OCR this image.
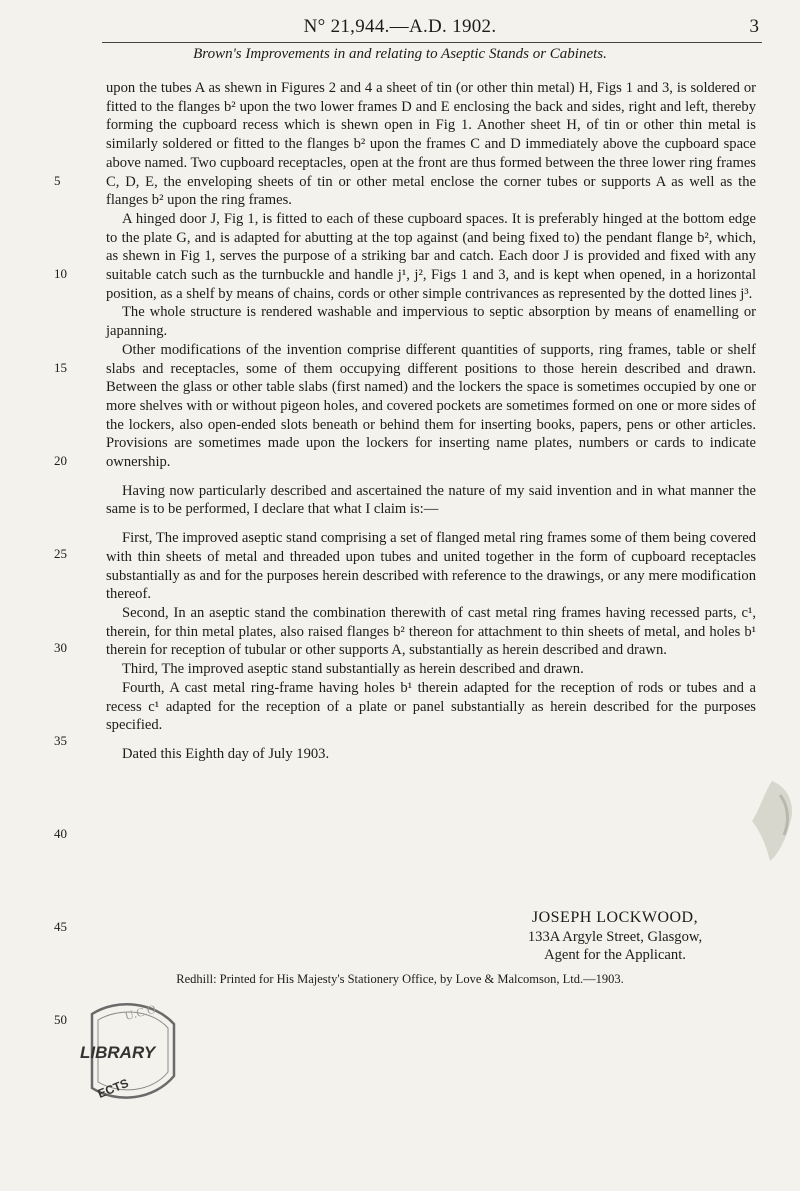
N° 21,944.—A.D. 1902.	3
Brown's Improvements in and relating to Aseptic Stands or Cabinets.
5
10
15
20
25
30
35
40
45
50

upon the tubes A as shewn in Figures 2 and 4 a sheet of tin (or other thin metal) H, Figs 1 and 3, is soldered or fitted to the flanges b² upon the two lower frames D and E enclosing the back and sides, right and left, thereby forming the cupboard recess which is shewn open in Fig 1. Another sheet H, of tin or other thin metal is similarly soldered or fitted to the flanges b² upon the frames C and D immediately above the cupboard space above named. Two cupboard receptacles, open at the front are thus formed between the three lower ring frames C, D, E, the enveloping sheets of tin or other metal enclose the corner tubes or supports A as well as the flanges b² upon the ring frames.

A hinged door J, Fig 1, is fitted to each of these cupboard spaces. It is preferably hinged at the bottom edge to the plate G, and is adapted for abutting at the top against (and being fixed to) the pendant flange b², which, as shewn in Fig 1, serves the purpose of a striking bar and catch. Each door J is provided and fixed with any suitable catch such as the turnbuckle and handle j¹, j², Figs 1 and 3, and is kept when opened, in a horizontal position, as a shelf by means of chains, cords or other simple contrivances as represented by the dotted lines j³.

The whole structure is rendered washable and impervious to septic absorption by means of enamelling or japanning.

Other modifications of the invention comprise different quantities of supports, ring frames, table or shelf slabs and receptacles, some of them occupying different positions to those herein described and drawn. Between the glass or other table slabs (first named) and the lockers the space is sometimes occupied by one or more shelves with or without pigeon holes, and covered pockets are sometimes formed on one or more sides of the lockers, also open-ended slots beneath or behind them for inserting books, papers, pens or other articles. Provisions are sometimes made upon the lockers for inserting name plates, numbers or cards to indicate ownership.

Having now particularly described and ascertained the nature of my said invention and in what manner the same is to be performed, I declare that what I claim is:—

First, The improved aseptic stand comprising a set of flanged metal ring frames some of them being covered with thin sheets of metal and threaded upon tubes and united together in the form of cupboard receptacles substantially as and for the purposes herein described with reference to the drawings, or any mere modification thereof.

Second, In an aseptic stand the combination therewith of cast metal ring frames having recessed parts, c¹, therein, for thin metal plates, also raised flanges b² thereon for attachment to thin sheets of metal, and holes b¹ therein for reception of tubular or other supports A, substantially as herein described and drawn.

Third, The improved aseptic stand substantially as herein described and drawn.

Fourth, A cast metal ring-frame having holes b¹ therein adapted for the reception of rods or tubes and a recess c¹ adapted for the reception of a plate or panel substantially as herein described for the purposes specified.

Dated this Eighth day of July 1903.

JOSEPH LOCKWOOD,
133A Argyle Street, Glasgow,
Agent for the Applicant.
Redhill: Printed for His Majesty's Stationery Office, by Love & Malcomson, Ltd.—1903.
U.C.O
LIBRARY
ECTS
